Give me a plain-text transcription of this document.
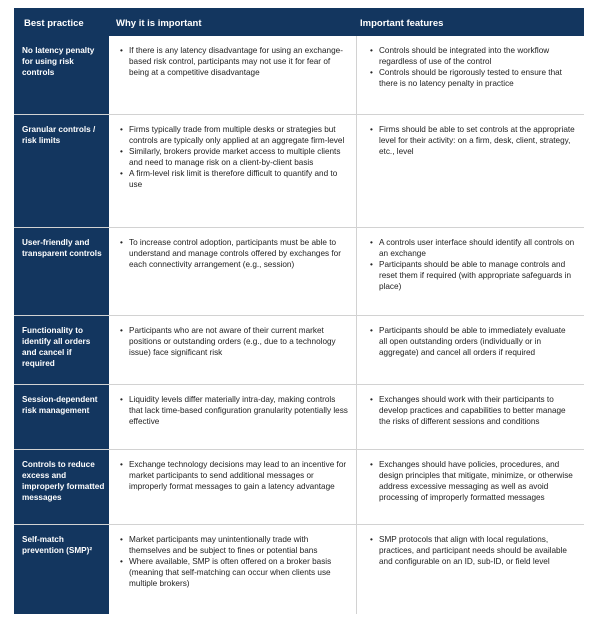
Best practice	Why it is important	Important features
No latency penalty for using risk controls
• If there is any latency disadvantage for using an exchange-based risk control, participants may not use it for fear of being at a competitive disadvantage
• Controls should be integrated into the workflow regardless of use of the control
• Controls should be rigorously tested to ensure that there is no latency penalty in practice
Granular controls / risk limits
• Firms typically trade from multiple desks or strategies but controls are typically only applied at an aggregate firm-level
• Similarly, brokers provide market access to multiple clients and need to manage risk on a client-by-client basis
• A firm-level risk limit is therefore difficult to quantify and to use
• Firms should be able to set controls at the appropriate level for their activity: on a firm, desk, client, strategy, etc., level
User-friendly and transparent controls
• To increase control adoption, participants must be able to understand and manage controls offered by exchanges for each connectivity arrangement (e.g., session)
• A controls user interface should identify all controls on an exchange
• Participants should be able to manage controls and reset them if required (with appropriate safeguards in place)
Functionality to identify all orders and cancel if required
• Participants who are not aware of their current market positions or outstanding orders (e.g., due to a technology issue) face significant risk
• Participants should be able to immediately evaluate all open outstanding orders (individually or in aggregate) and cancel all orders if required
Session-dependent risk management
• Liquidity levels differ materially intra-day, making controls that lack time-based configuration granularity potentially less effective
• Exchanges should work with their participants to develop practices and capabilities to better manage the risks of different sessions and conditions
Controls to reduce excess and improperly formatted messages
• Exchange technology decisions may lead to an incentive for market participants to send additional messages or improperly format messages to gain a latency advantage
• Exchanges should have policies, procedures, and design principles that mitigate, minimize, or otherwise address excessive messaging as well as avoid processing of improperly formatted messages
Self-match prevention (SMP)²
• Market participants may unintentionally trade with themselves and be subject to fines or potential bans
• Where available, SMP is often offered on a broker basis (meaning that self-matching can occur when clients use multiple brokers)
• SMP protocols that align with local regulations, practices, and participant needs should be available and configurable on an ID, sub-ID, or field level
